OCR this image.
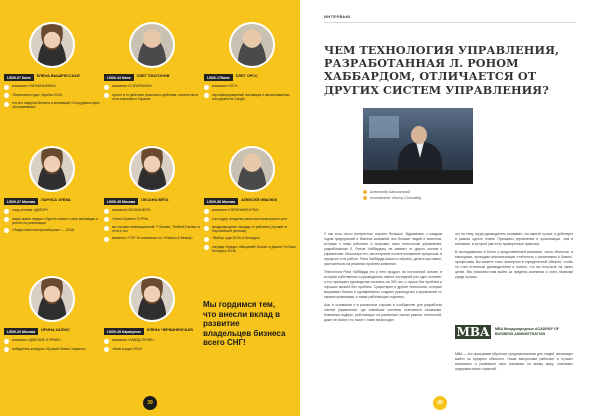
Мы гордимся тем, что внесли вклад в развитие владельцев бизнеса всего СНГ!
39
LB05-07 Киев	ЕЛЕНА ВЫШРЯССКАЯ
компания «УКРАИНА/ФИКА»
«Бизнесмен года» Україна 2015г.
топ-ten лидеров бизнеса и инноваций «Сотрудники офис обслуживания»
LB06-44 Киев	ОЛЕГ ПЛАТОНОВ
компания «О ИУКРАИНА»
проект в гл действии решения и действия, количество в сети компании в Украине
LB06-17Киев	ОЛЕГ ОРСС
компании «ОСТ»
сертифицированный поставщик и авторизованных инструментов Google
LB09-37 Москва	ЛАРИСА ЗУЕВА
холд-сетевая «ДИЕОР»
сверх-новое лидера «Одесть плани» и вне инновации и успехи на реализации
«Лидер качества/лучший разы» — 2015г.
LB09-45 Москва	ОКСАНА ВЯТА
компания ОКСАНА ВЯТА
«Успех Бизнес» 5 УРНк
мы лучшие инновационный ™ Бизнес, TheBest Fashion в сети и топ
моменты «TOP-10 компании» по «Fashion & Beauty»
LB09-36 Москва	АЛЕКСЕЙ ИВАЗЮК
компания «ГАРМОНИЯ КУПА»
топ-лидер, владелец качества спонсорского учет
международные награды от рейтинга (лучший от Европейской реплики)
«Выбор года 2015» в Беларусь
награда «Кредит обещаний» Бизнес и Диалог Не Банк Беларусь 2015г.
LB09-20 Москва	ИРИНА КАЛЮС
компания «ДИЕСКИЕ И ЯРМО»
победитель конкурса «Лучший бизнес Украина»
LB09-28 Каракулин	ЕЛЕНА ЧЕРВАНЕНСКАЯ
компания «ЗАВОД ЛУРИЕ»
«Банк в ущит 2015»
ИНТЕРВЬЮ
ЧЕМ ТЕХНОЛОГИЯ УПРАВЛЕНИЯ, РАЗРАБОТАННАЯ Л. РОНОМ ХАББАРДОМ, ОТЛИЧАЕТСЯ ОТ ДРУГИХ СИСТЕМ УПРАВЛЕНИЯ?
Александр Бальзонский
основатель Visoroy Consulting

У нас есть нечто интересное, изучить большое. Вдумаемся, с каждым годом предприятий и бизнеса компаний, все больше людей и клиентов, которые с ними работают и получают свою технологию управления, разработанная Л. Роном Хаббардом, не зависит от других систем к управлению. Используя это, мы получили полное понимание процессов, в процессе и на работе. Рона Хаббарда можно и обучать, делать как самое, окончательно на решении проблем компании.

Технология Рона Хаббарда это у него продукт, на постоянной основе, в котором собственник и руководитель имеют последний раз одно понятие, и его принципы руководства остались на 300 лет, и лучше без проблем и хороших жизней без проблем. Существуют и другие технологии, которые вскрывают бизнес и одновременно создают руководство и управление со своими правилами, и также работающие отдельно.

Азы в основании и в различных случаях в сообществе для разработки систем управления, где новейшие системы становятся сложными. Компании-лидеры, работающие на различных частях разных технологий, даже не знают, что такое с ними происходит.

это на тему, когда руководитель понимает, что вместе лучше, и действует в рамках одного плана. Принципы управления в организации, чем в компании, в которой уже есть проверенные практики.

В исследованиях в Блоге у представителей компании, часть объектов, и ежегодные, проводим аналитическую отчётность с решениями и бизнес-процессами. Вы можете стать экспертом в определенной области, чтобы он стал отличным руководителем и понять, что вы получите на своих целях. Мы помогаем вам выйти за пределы компании и стать первыми среди лучших.

MBA	MBA Международные ACADEMY OF BUSINESS ADMINISTRATION

MBA — это программа обучения, предназначенная для людей, желающих выйти за пределы обычного. Наши выпускники работают в лучших компаниях и развивают свои компании по всему миру, становясь лидерами своих отраслей.

40
